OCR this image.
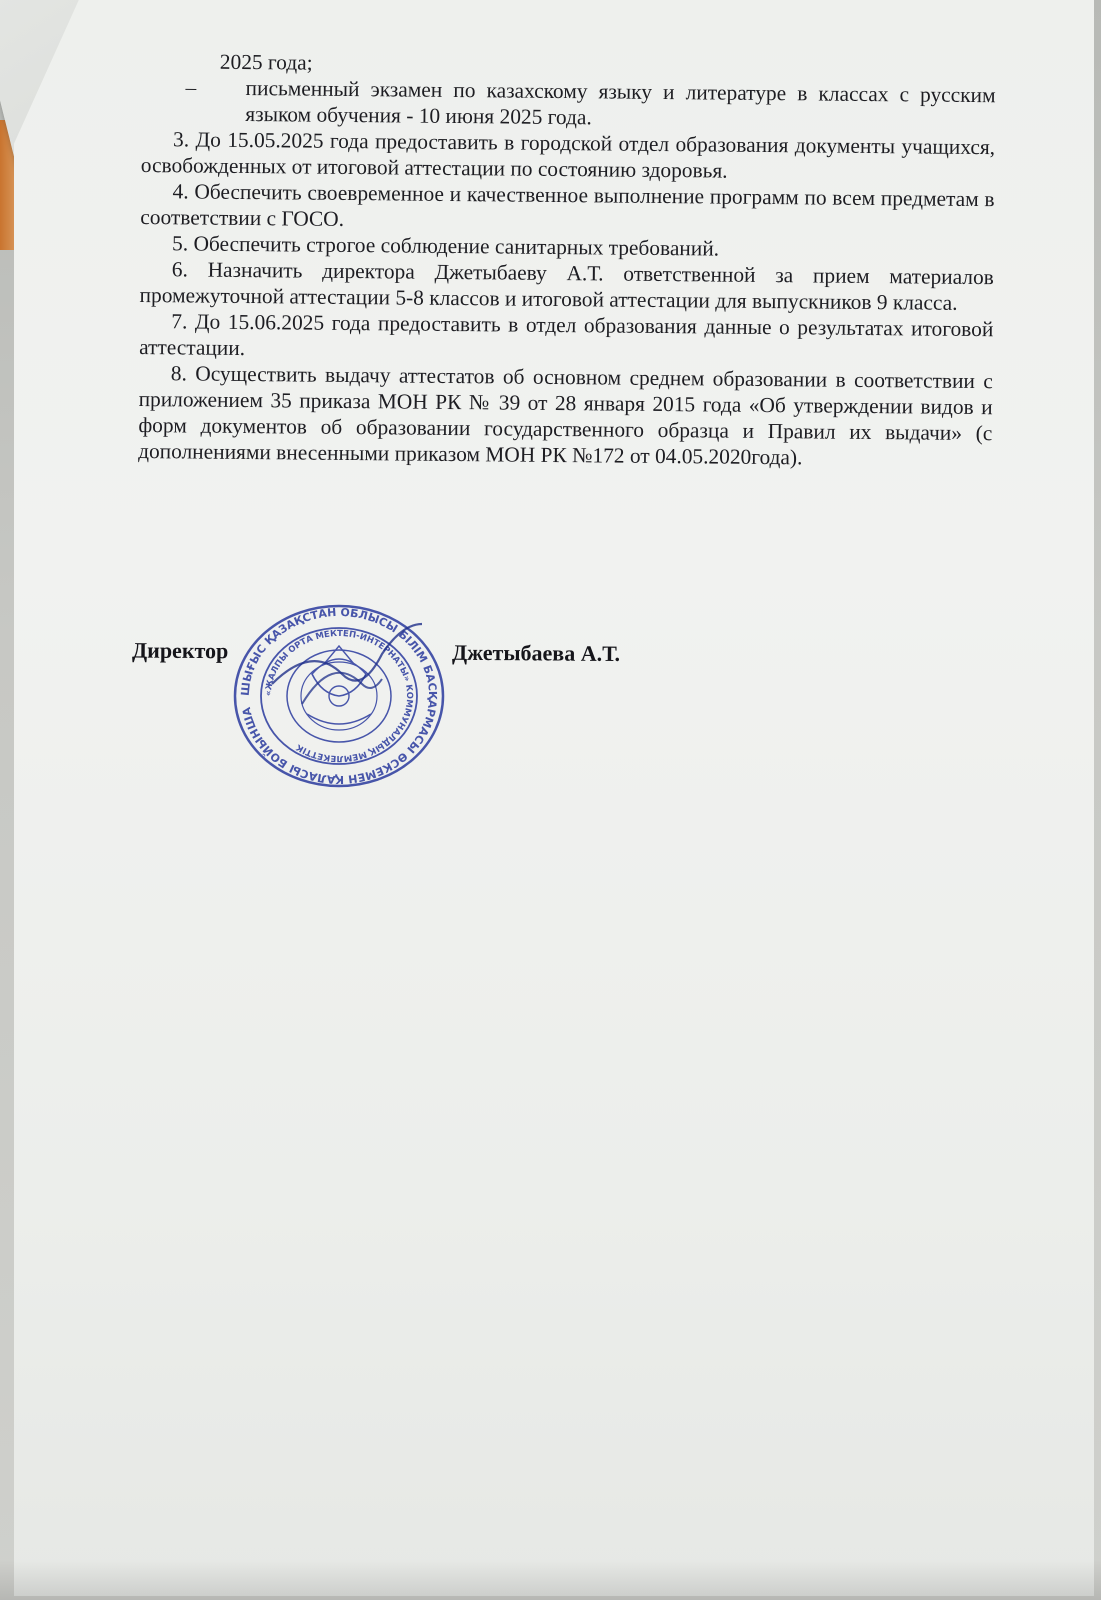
2025 года;

–	письменный экзамен по казахскому языку и литературе в классах с русским языком обучения - 10 июня 2025 года.

3. До 15.05.2025 года предоставить в городской отдел образования документы учащихся, освобожденных от итоговой аттестации по состоянию здоровья.

4. Обеспечить своевременное и качественное выполнение программ по всем предметам в соответствии с ГОСО.

5. Обеспечить строгое соблюдение санитарных требований.

6. Назначить директора Джетыбаеву А.Т. ответственной за прием материалов промежуточной аттестации 5-8 классов и итоговой аттестации для выпускников 9 класса.

7. До 15.06.2025 года предоставить в отдел образования данные о результатах итоговой аттестации.

8. Осуществить выдачу аттестатов об основном среднем образовании в соответствии с приложением 35 приказа МОН РК № 39 от 28 января 2015 года «Об утверждении видов и форм документов об образовании государственного образца и Правил их выдачи» (с дополнениями внесенными приказом МОН РК №172 от 04.05.2020года).

ШЫҒЫС ҚАЗАҚСТАН ОБЛЫСЫ БІЛІМ БАСҚАРМАСЫ ӨСКЕМЕН ҚАЛАСЫ БОЙЫНША
«ЖАЛПЫ ОРТА МЕКТЕП-ИНТЕРНАТЫ» КОММУНАЛДЫҚ МЕМЛЕКЕТТІК
Директор	Джетыбаева А.Т.
